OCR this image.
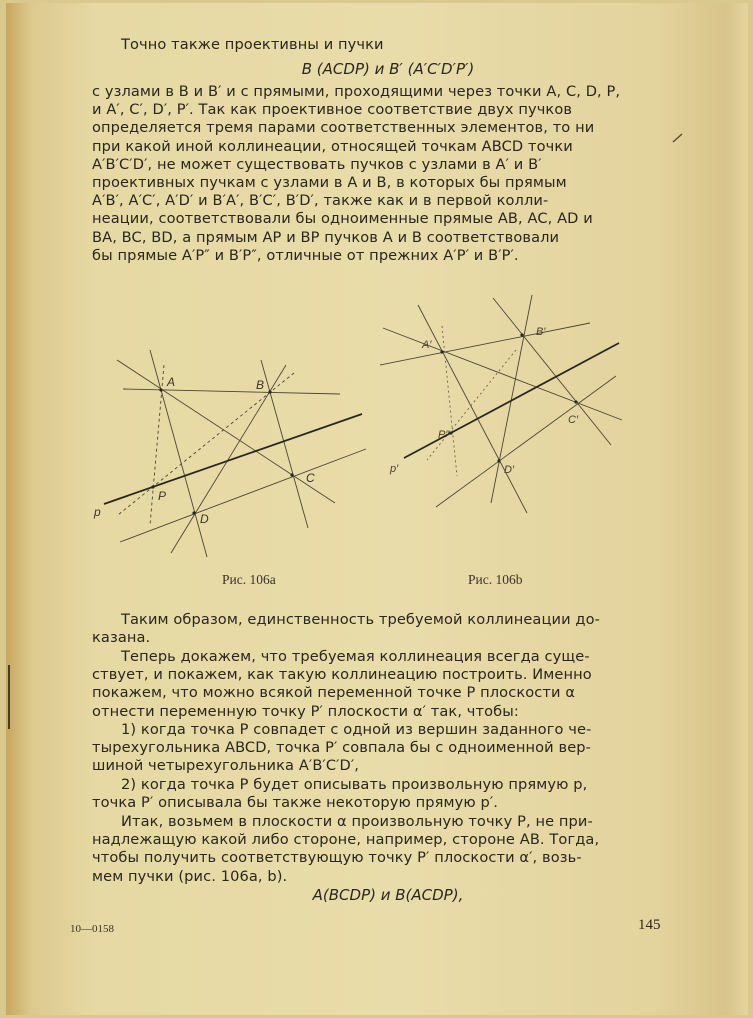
Точно также проективны и пучки

B (ACDP) и B′ (A′C′D′P′)

с узлами в B и B′ и с прямыми, проходящими через точки A, C, D, P,

и A′, C′, D′, P′. Так как проективное соответствие двух пучков

определяется тремя парами соответственных элементов, то ни

при какой иной коллинеации, относящей точкам ABCD точки

A′B′C′D′, не может существовать пучков с узлами в A′ и B′

проективных пучкам с узлами в A и B, в которых бы прямым

A′B′, A′C′, A′D′ и B′A′, B′C′, B′D′, также как и в первой колли-

неации, соответствовали бы одноименные прямые AB, AC, AD и

BA, BC, BD, а прямым AP и BP пучков A и B соответствовали

бы прямые A′P″ и B′P″, отличные от прежних A′P′ и B′P′.

A	B
C
D
P
p
A′
B′
C′
D′
P″
p′
Рис. 106a	Рис. 106b

Таким образом, единственность требуемой коллинеации до-

казана.

Теперь докажем, что требуемая коллинеация всегда суще-

ствует, и покажем, как такую коллинеацию построить. Именно

покажем, что можно всякой переменной точке P плоскости α

отнести переменную точку P′ плоскости α′ так, чтобы:

1) когда точка P совпадет с одной из вершин заданного че-

тырехугольника ABCD, точка P′ совпала бы с одноименной вер-

шиной четырехугольника A′B′C′D′,

2) когда точка P будет описывать произвольную прямую p,

точка P′ описывала бы также некоторую прямую p′.

Итак, возьмем в плоскости α произвольную точку P, не при-

надлежащую какой либо стороне, например, стороне AB. Тогда,

чтобы получить соответствующую точку P′ плоскости α′, возь-

мем пучки (рис. 106a, b).

A(BCDP) и B(ACDP),
10—0158	145
